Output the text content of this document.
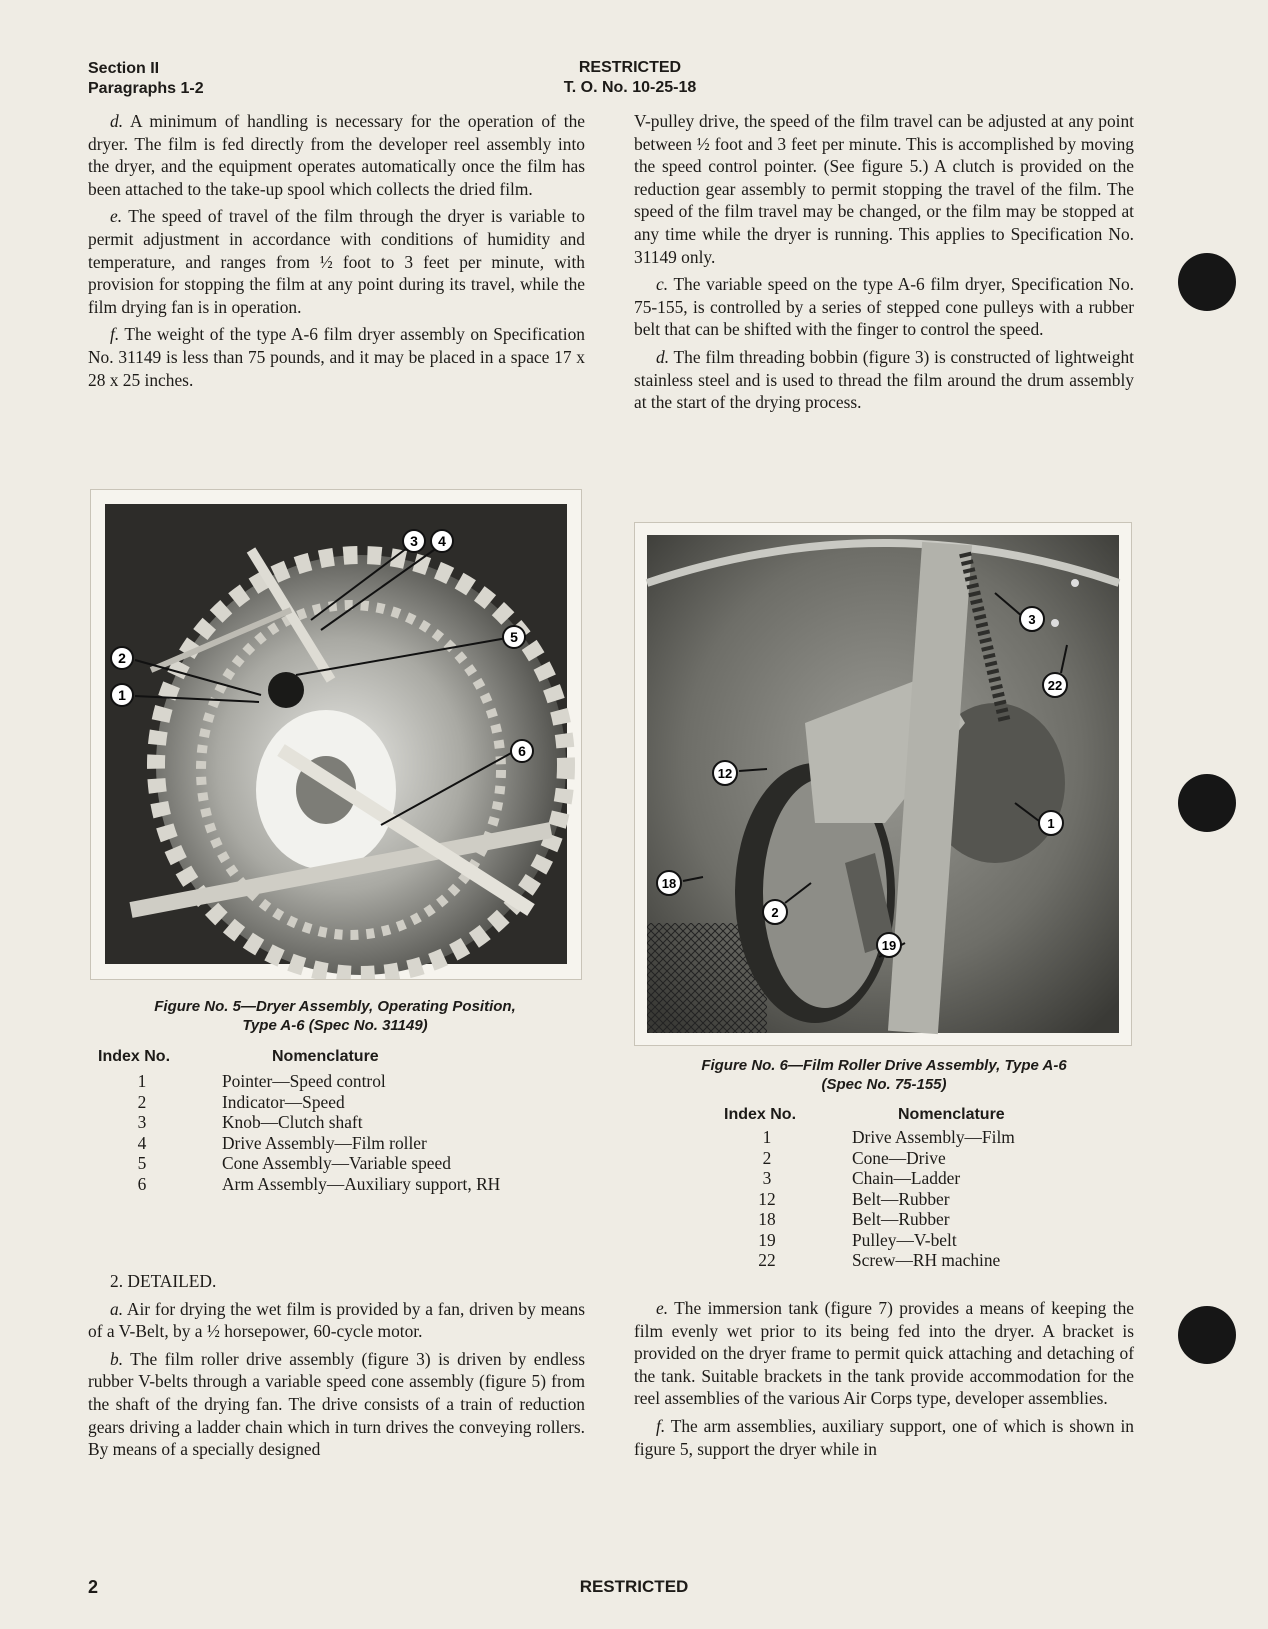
Section II
Paragraphs 1-2
RESTRICTED
T. O. No. 10-25-18

d. A minimum of handling is necessary for the operation of the dryer. The film is fed directly from the developer reel assembly into the dryer, and the equipment operates automatically once the film has been attached to the take-up spool which collects the dried film.

e. The speed of travel of the film through the dryer is variable to permit adjustment in accordance with conditions of humidity and temperature, and ranges from ½ foot to 3 feet per minute, with provision for stopping the film at any point during its travel, while the film drying fan is in operation.

f. The weight of the type A-6 film dryer assembly on Specification No. 31149 is less than 75 pounds, and it may be placed in a space 17 x 28 x 25 inches.

V-pulley drive, the speed of the film travel can be adjusted at any point between ½ foot and 3 feet per minute. This is accomplished by moving the speed control pointer. (See figure 5.) A clutch is provided on the reduction gear assembly to permit stopping the travel of the film. The speed of the film travel may be changed, or the film may be stopped at any time while the dryer is running. This applies to Specification No. 31149 only.

c. The variable speed on the type A-6 film dryer, Specification No. 75-155, is controlled by a series of stepped cone pulleys with a rubber belt that can be shifted with the finger to control the speed.

d. The film threading bobbin (figure 3) is constructed of lightweight stainless steel and is used to thread the film around the drum assembly at the start of the drying process.

3 4
5
2
1
6
Figure No. 5—Dryer Assembly, Operating Position,
Type A-6 (Spec No. 31149)
Index No.	Nomenclature
1	Pointer—Speed control
2	Indicator—Speed
3	Knob—Clutch shaft
4	Drive Assembly—Film roller
5	Cone Assembly—Variable speed
6	Arm Assembly—Auxiliary support, RH
3
22
12
1
18
2
19
Figure No. 6—Film Roller Drive Assembly, Type A-6
(Spec No. 75-155)
Index No.	Nomenclature
1	Drive Assembly—Film
2	Cone—Drive
3	Chain—Ladder
12	Belt—Rubber
18	Belt—Rubber
19	Pulley—V-belt
22	Screw—RH machine

2. DETAILED.

a. Air for drying the wet film is provided by a fan, driven by means of a V-Belt, by a ½ horsepower, 60-cycle motor.

b. The film roller drive assembly (figure 3) is driven by endless rubber V-belts through a variable speed cone assembly (figure 5) from the shaft of the drying fan. The drive consists of a train of reduction gears driving a ladder chain which in turn drives the conveying rollers. By means of a specially designed

e. The immersion tank (figure 7) provides a means of keeping the film evenly wet prior to its being fed into the dryer. A bracket is provided on the dryer frame to permit quick attaching and detaching of the tank. Suitable brackets in the tank provide accommodation for the reel assemblies of the various Air Corps type, developer assemblies.

f. The arm assemblies, auxiliary support, one of which is shown in figure 5, support the dryer while in

2	RESTRICTED
